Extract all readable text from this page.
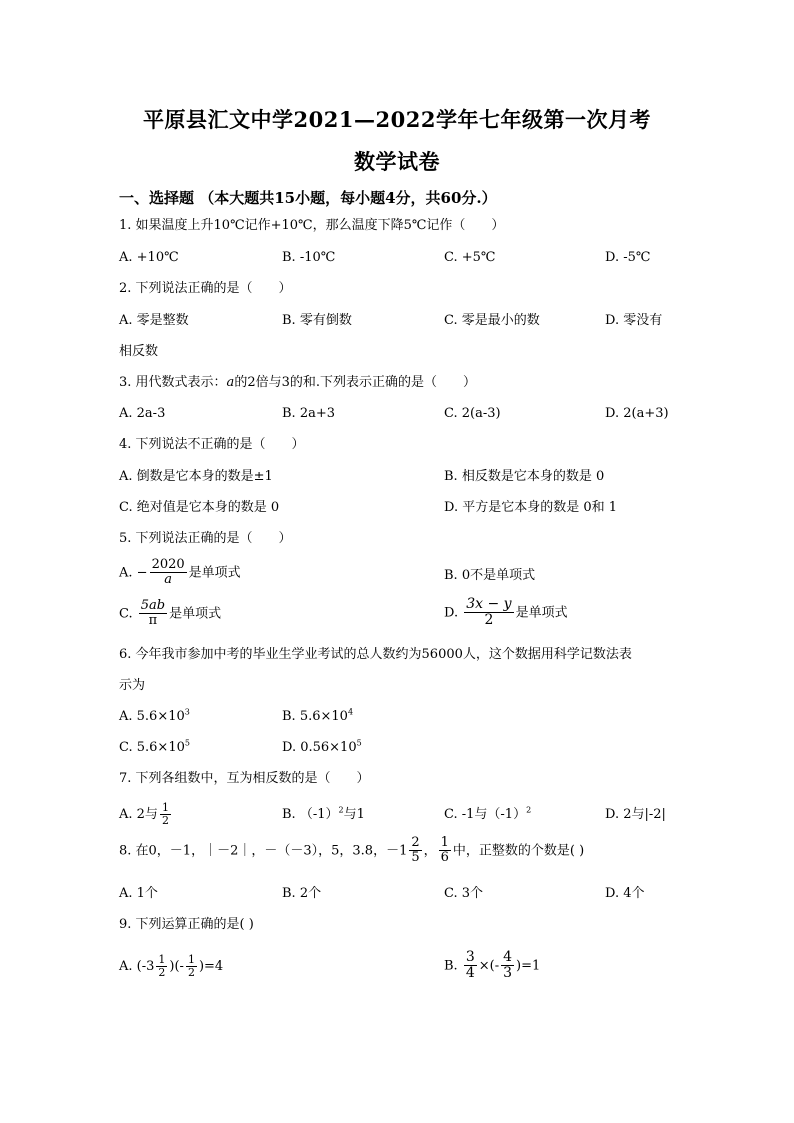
平原县汇文中学2021—2022学年七年级第一次月考
数学试卷
一、选择题 （本大题共15小题，每小题4分，共60分.）
1. 如果温度上升10℃记作+10℃，那么温度下降5℃记作（　　）
A. +10℃	B. -10℃	C. +5℃	D. -5℃
2. 下列说法正确的是（　　）
A. 零是整数	B. 零有倒数	C. 零是最小的数	D. 零没有
相反数
3. 用代数式表示：a的2倍与3的和.下列表示正确的是（　　）
A. 2a-3	B. 2a+3	C. 2(a-3)	D. 2(a+3)
4. 下列说法不正确的是（　　）
A. 倒数是它本身的数是±1	B. 相反数是它本身的数是 0
C. 绝对值是它本身的数是 0	D. 平方是它本身的数是 0和 1
5. 下列说法正确的是（　　）
A. − $\frac{2020}{a}$ 是单项式	B. 0不是单项式
C. $\frac{5ab}{\pi}$ 是单项式	D. $\frac{3x - y}{2}$ 是单项式
6. 今年我市参加中考的毕业生学业考试的总人数约为56000人，这个数据用科学记数法表
示为
A. $5.6\times 10^3$	B. $5.6\times 10^4$
C. $5.6\times 10^5$	D. $0.56\times 10^5$
7. 下列各组数中，互为相反数的是（　　）
A. 2与 $\frac{1}{2}$	B. $(-1)^2$与1	C. -1与$(-1)^2$	D. 2与|-2|
8. 在0，－1，｜－2｜，－（－3），5，3.8，$-1 \frac{2}{5}$ ， $\frac{1}{6}$ 中，正整数的个数是( )
A. 1个	B. 2个	C. 3个	D. 4个
9. 下列运算正确的是( )
A. ($-3 \frac{1}{2}$ )(- $\frac{1}{2} )=4$	B. $\frac{3}{4}$ ×(- $\frac{4}{3} )=1$
